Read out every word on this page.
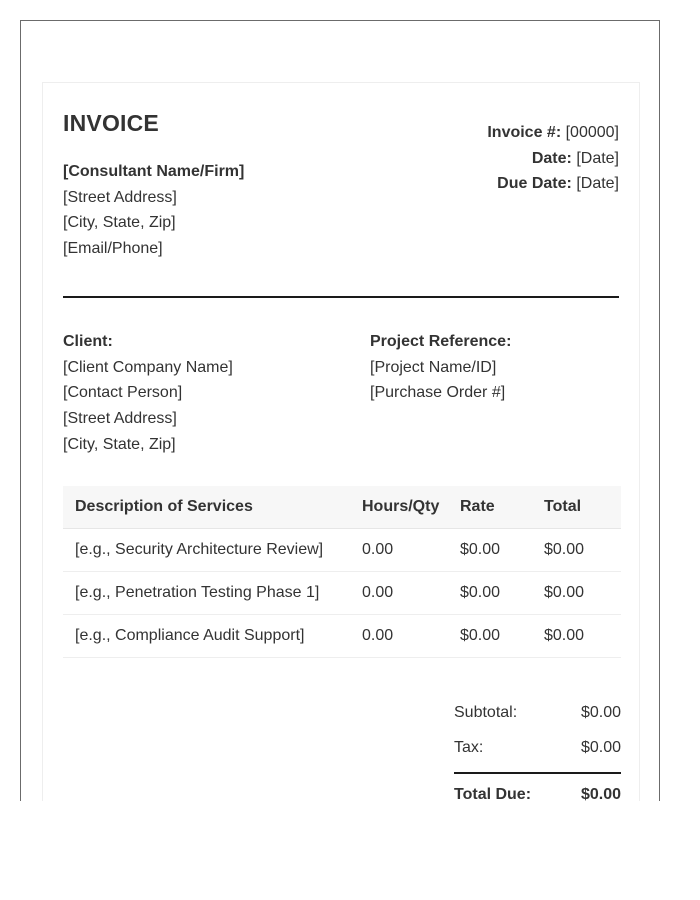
INVOICE
[Consultant Name/Firm]
[Street Address]
[City, State, Zip]
[Email/Phone]
Invoice #: [00000]
Date: [Date]
Due Date: [Date]
Client:
[Client Company Name]
[Contact Person]
[Street Address]
[City, State, Zip]
Project Reference:
[Project Name/ID]
[Purchase Order #]
Description of Services	Hours/Qty	Rate	Total
[e.g., Security Architecture Review]	0.00	$0.00	$0.00
[e.g., Penetration Testing Phase 1]	0.00	$0.00	$0.00
[e.g., Compliance Audit Support]	0.00	$0.00	$0.00
Subtotal:	$0.00
Tax:	$0.00
Total Due:	$0.00
